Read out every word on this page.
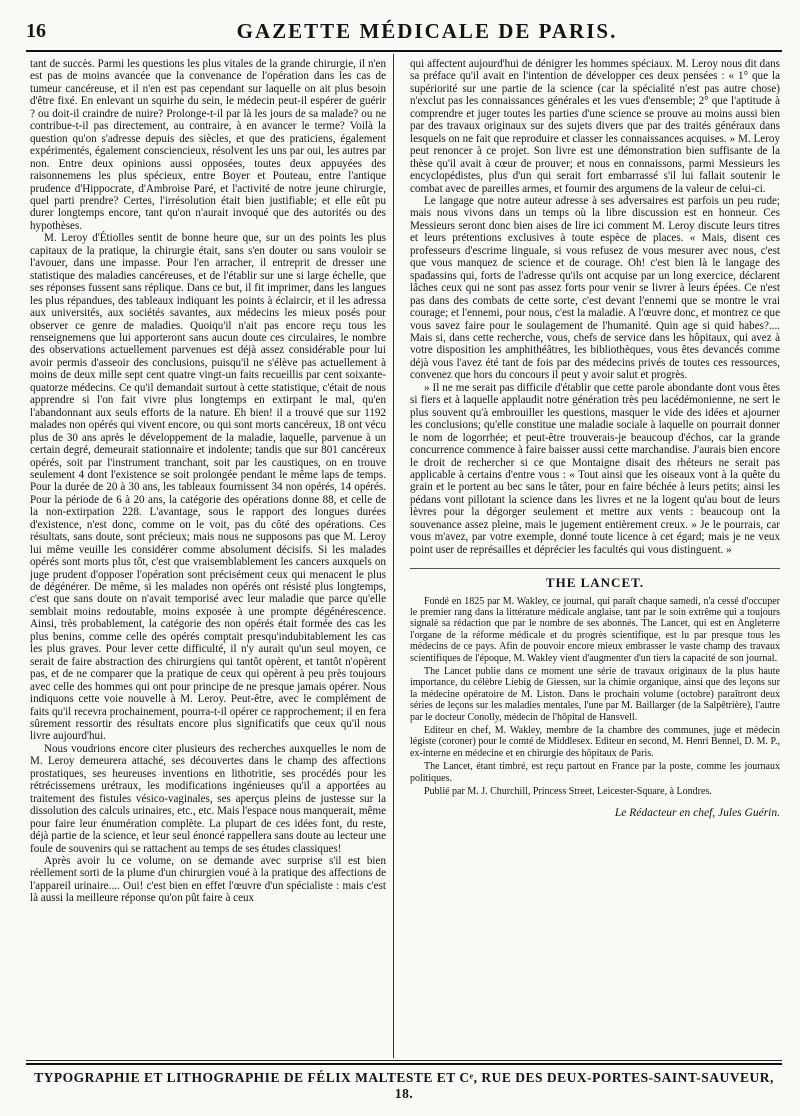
16	GAZETTE MÉDICALE DE PARIS.

tant de succès. Parmi les questions les plus vitales de la grande chirurgie, il n'en est pas de moins avancée que la convenance de l'opération dans les cas de tumeur cancéreuse, et il n'en est pas cependant sur laquelle on ait plus besoin d'être fixé. En enlevant un squirhe du sein, le médecin peut-il espérer de guérir ? ou doit-il craindre de nuire? Prolonge-t-il par là les jours de sa malade? ou ne contribue-t-il pas directement, au contraire, à en avancer le terme? Voilà la question qu'on s'adresse depuis des siècles, et que des praticiens, également expérimentés, également consciencieux, résolvent les uns par oui, les autres par non. Entre deux opinions aussi opposées, toutes deux appuyées des raisonnemens les plus spécieux, entre Boyer et Pouteau, entre l'antique prudence d'Hippocrate, d'Ambroise Paré, et l'activité de notre jeune chirurgie, quel parti prendre? Certes, l'irrésolution était bien justifiable; et elle eût pu durer longtemps encore, tant qu'on n'aurait invoqué que des autorités ou des hypothèses.

M. Leroy d'Étiolles sentit de bonne heure que, sur un des points les plus capitaux de la pratique, la chirurgie était, sans s'en douter ou sans vouloir se l'avouer, dans une impasse. Pour l'en arracher, il entreprit de dresser une statistique des maladies cancéreuses, et de l'établir sur une si large échelle, que ses réponses fussent sans réplique. Dans ce but, il fit imprimer, dans les langues les plus répandues, des tableaux indiquant les points à éclaircir, et il les adressa aux universités, aux sociétés savantes, aux médecins les mieux posés pour observer ce genre de maladies. Quoiqu'il n'ait pas encore reçu tous les renseignemens que lui apporteront sans aucun doute ces circulaires, le nombre des observations actuellement parvenues est déjà assez considérable pour lui avoir permis d'asseoir des conclusions, puisqu'il ne s'élève pas actuellement à moins de deux mille sept cent quatre vingt-un faits recueillis par cent soixante-quatorze médecins. Ce qu'il demandait surtout à cette statistique, c'était de nous apprendre si l'on fait vivre plus longtemps en extirpant le mal, qu'en l'abandonnant aux seuls efforts de la nature. Eh bien! il a trouvé que sur 1192 malades non opérés qui vivent encore, ou qui sont morts cancéreux, 18 ont vécu plus de 30 ans après le développement de la maladie, laquelle, parvenue à un certain degré, demeurait stationnaire et indolente; tandis que sur 801 cancéreux opérés, soit par l'instrument tranchant, soit par les caustiques, on en trouve seulement 4 dont l'existence se soit prolongée pendant le même laps de temps. Pour la durée de 20 à 30 ans, les tableaux fournissent 34 non opérés, 14 opérés. Pour la période de 6 à 20 ans, la catégorie des opérations donne 88, et celle de la non-extirpation 228. L'avantage, sous le rapport des longues durées d'existence, n'est donc, comme on le voit, pas du côté des opérations. Ces résultats, sans doute, sont précieux; mais nous ne supposons pas que M. Leroy lui même veuille les considérer comme absolument décisifs. Si les malades opérés sont morts plus tôt, c'est que vraisemblablement les cancers auxquels on juge prudent d'opposer l'opération sont précisément ceux qui menacent le plus de dégénérer. De même, si les malades non opérés ont résisté plus longtemps, c'est que sans doute on n'avait temporisé avec leur maladie que parce qu'elle semblait moins redoutable, moins exposée à une prompte dégénérescence. Ainsi, très probablement, la catégorie des non opérés était formée des cas les plus benins, comme celle des opérés comptait presqu'indubitablement les cas les plus graves. Pour lever cette difficulté, il n'y aurait qu'un seul moyen, ce serait de faire abstraction des chirurgiens qui tantôt opèrent, et tantôt n'opèrent pas, et de ne comparer que la pratique de ceux qui opèrent à peu près toujours avec celle des hommes qui ont pour principe de ne presque jamais opérer. Nous indiquons cette voie nouvelle à M. Leroy. Peut-être, avec le complément de faits qu'il recevra prochainement, pourra-t-il opérer ce rapprochement; il en fera sûrement ressortir des résultats encore plus significatifs que ceux qu'il nous livre aujourd'hui.

Nous voudrions encore citer plusieurs des recherches auxquelles le nom de M. Leroy demeurera attaché, ses découvertes dans le champ des affections prostatiques, ses heureuses inventions en lithotritie, ses procédés pour les rétrécissemens urétraux, les modifications ingénieuses qu'il a apportées au traitement des fistules vésico-vaginales, ses aperçus pleins de justesse sur la dissolution des calculs urinaires, etc., etc. Mais l'espace nous manquerait, même pour faire leur énumération complète. La plupart de ces idées font, du reste, déjà partie de la science, et leur seul énoncé rappellera sans doute au lecteur une foule de souvenirs qui se rattachent au temps de ses études classiques!

Après avoir lu ce volume, on se demande avec surprise s'il est bien réellement sorti de la plume d'un chirurgien voué à la pratique des affections de l'appareil urinaire.... Oui! c'est bien en effet l'œuvre d'un spécialiste : mais c'est là aussi la meilleure réponse qu'on pût faire à ceux

qui affectent aujourd'hui de dénigrer les hommes spéciaux. M. Leroy nous dit dans sa préface qu'il avait en l'intention de développer ces deux pensées : « 1° que la supériorité sur une partie de la science (car la spécialité n'est pas autre chose) n'exclut pas les connaissances générales et les vues d'ensemble; 2° que l'aptitude à comprendre et juger toutes les parties d'une science se prouve au moins aussi bien par des travaux originaux sur des sujets divers que par des traités généraux dans lesquels on ne fait que reproduire et classer les connaissances acquises. » M. Leroy peut renoncer à ce projet. Son livre est une démonstration bien suffisante de la thèse qu'il avait à cœur de prouver; et nous en connaissons, parmi Messieurs les encyclopédistes, plus d'un qui serait fort embarrassé s'il lui fallait soutenir le combat avec de pareilles armes, et fournir des argumens de la valeur de celui-ci.

Le langage que notre auteur adresse à ses adversaires est parfois un peu rude; mais nous vivons dans un temps où la libre discussion est en honneur. Ces Messieurs seront donc bien aises de lire ici comment M. Leroy discute leurs titres et leurs prétentions exclusives à toute espèce de places. « Mais, disent ces professeurs d'escrime linguale, si vous refusez de vous mesurer avec nous, c'est que vous manquez de science et de courage. Oh! c'est bien là le langage des spadassins qui, forts de l'adresse qu'ils ont acquise par un long exercice, déclarent lâches ceux qui ne sont pas assez forts pour venir se livrer à leurs épées. Ce n'est pas dans des combats de cette sorte, c'est devant l'ennemi que se montre le vrai courage; et l'ennemi, pour nous, c'est la maladie. A l'œuvre donc, et montrez ce que vous savez faire pour le soulagement de l'humanité. Quin age si quid habes?.... Mais si, dans cette recherche, vous, chefs de service dans les hôpitaux, qui avez à votre disposition les amphithéâtres, les bibliothèques, vous êtes devancés comme déjà vous l'avez été tant de fois par des médecins privés de toutes ces ressources, convenez que hors du concours il peut y avoir salut et progrès.

» Il ne me serait pas difficile d'établir que cette parole abondante dont vous êtes si fiers et à laquelle applaudit notre génération très peu lacédémonienne, ne sert le plus souvent qu'à embrouiller les questions, masquer le vide des idées et ajourner les conclusions; qu'elle constitue une maladie sociale à laquelle on pourrait donner le nom de logorrhée; et peut-être trouverais-je beaucoup d'échos, car la grande concurrence commence à faire baisser aussi cette marchandise. J'aurais bien encore le droit de rechercher si ce que Montaigne disait des rhéteurs ne serait pas applicable à certains d'entre vous : « Tout ainsi que les oiseaux vont à la quête du grain et le portent au bec sans le tâter, pour en faire béchée à leurs petits; ainsi les pédans vont pillotant la science dans les livres et ne la logent qu'au bout de leurs lèvres pour la dégorger seulement et mettre aux vents : beaucoup ont la souvenance assez pleine, mais le jugement entièrement creux. » Je le pourrais, car vous m'avez, par votre exemple, donné toute licence à cet égard; mais je ne veux point user de représailles et déprécier les facultés qui vous distinguent. »

THE LANCET.

Fondé en 1825 par M. Wakley, ce journal, qui paraît chaque samedi, n'a cessé d'occuper le premier rang dans la littérature médicale anglaise, tant par le soin extrême qui a toujours signalé sa rédaction que par le nombre de ses abonnés. The Lancet, qui est en Angleterre l'organe de la réforme médicale et du progrès scientifique, est lu par presque tous les médecins de ce pays. Afin de pouvoir encore mieux embrasser le vaste champ des travaux scientifiques de l'époque, M. Wakley vient d'augmenter d'un tiers la capacité de son journal.

The Lancet publie dans ce moment une série de travaux originaux de la plus haute importance, du célèbre Liebig de Giessen, sur la chimie organique, ainsi que des leçons sur la médecine opératoire de M. Liston. Dans le prochain volume (octobre) paraîtront deux séries de leçons sur les maladies mentales, l'une par M. Baillarger (de la Salpêtrière), l'autre par le docteur Conolly, médecin de l'hôpital de Hansvell.

Editeur en chef, M. Wakley, membre de la chambre des communes, juge et médecin légiste (coroner) pour le comté de Middlesex. Editeur en second, M. Henri Bennel, D. M. P., ex-interne en médecine et en chirurgie des hôpitaux de Paris.

The Lancet, étant timbré, est reçu partout en France par la poste, comme les journaux politiques.

Publié par M. J. Churchill, Princess Street, Leicester-Square, à Londres.

Le Rédacteur en chef, Jules Guérin.
TYPOGRAPHIE ET LITHOGRAPHIE DE FÉLIX MALTESTE ET Cᵉ, RUE DES DEUX-PORTES-SAINT-SAUVEUR, 18.
